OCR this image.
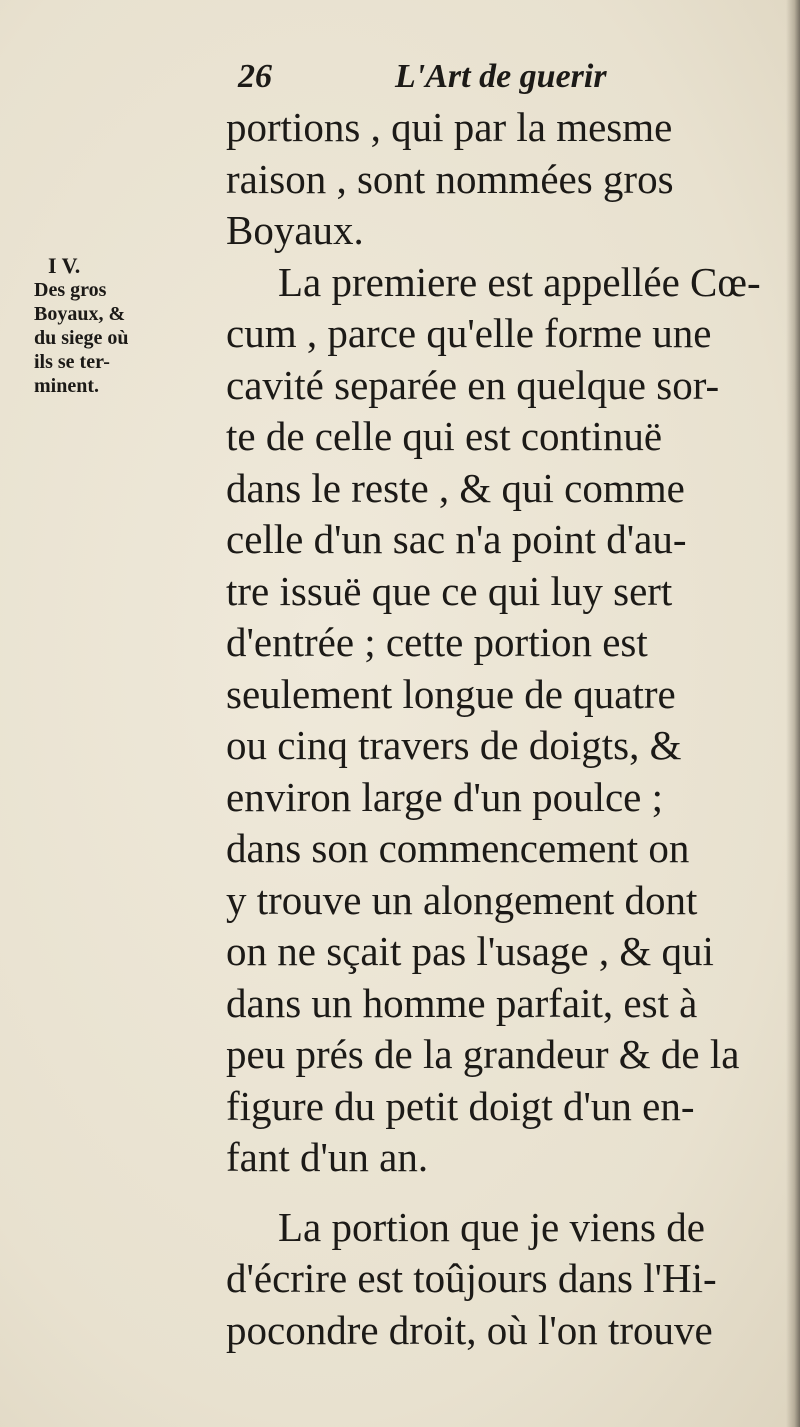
26	L'Art de guerir
I V.
Des gros
Boyaux, &
du siege où
ils se ter-
minent.
portions , qui par la mesme
raison , sont nommées gros
Boyaux.
La premiere est appellée Cœ-
cum , parce qu'elle forme une
cavité separée en quelque sor-
te de celle qui est continuë
dans le reste , & qui comme
celle d'un sac n'a point d'au-
tre issuë que ce qui luy sert
d'entrée ; cette portion est
seulement longue de quatre
ou cinq travers de doigts, &
environ large d'un poulce ;
dans son commencement on
y trouve un alongement dont
on ne sçait pas l'usage , & qui
dans un homme parfait, est à
peu prés de la grandeur & de la
figure du petit doigt d'un en-
fant d'un an.
La portion que je viens de
d'écrire est toûjours dans l'Hi-
pocondre droit, où l'on trouve
